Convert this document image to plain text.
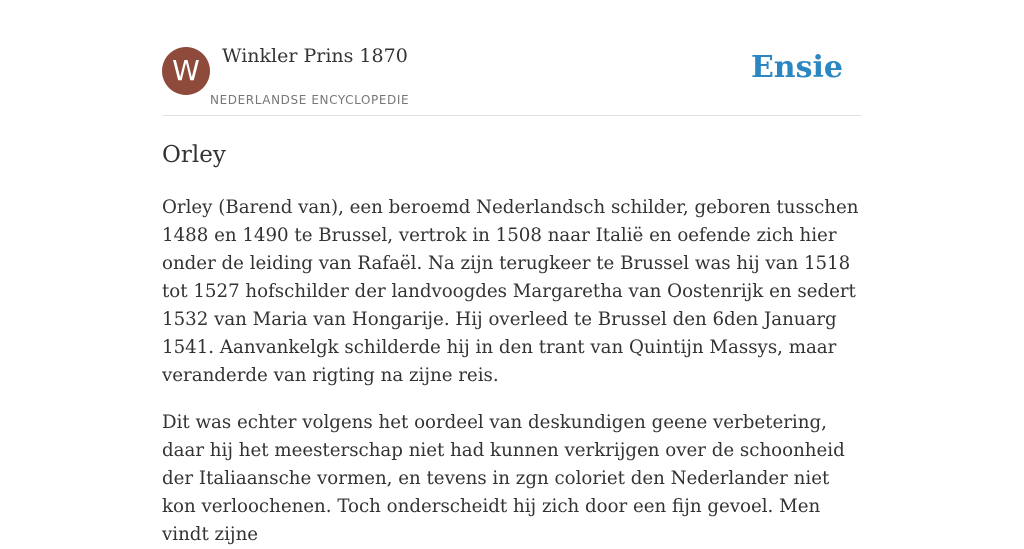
W	Winkler Prins 1870
NEDERLANDSE ENCYCLOPEDIE
Ensie
Orley

Orley (Barend van), een beroemd Nederlandsch schilder, geboren tusschen 1488 en 1490 te Brussel, vertrok in 1508 naar Italië en oefende zich hier onder de leiding van Rafaël. Na zijn terugkeer te Brussel was hij van 1518 tot 1527 hofschilder der landvoogdes Margaretha van Oostenrijk en sedert 1532 van Maria van Hongarije. Hij overleed te Brussel den 6den Januarg 1541. Aanvankelgk schilderde hij in den trant van Quintijn Massys, maar veranderde van rigting na zijne reis.

Dit was echter volgens het oordeel van deskundigen geene verbetering, daar hij het meesterschap niet had kunnen verkrijgen over de schoonheid der Italiaansche vormen, en tevens in zgn coloriet den Nederlander niet kon verloochenen. Toch onderscheidt hij zich door een fijn gevoel. Men vindt zijne
